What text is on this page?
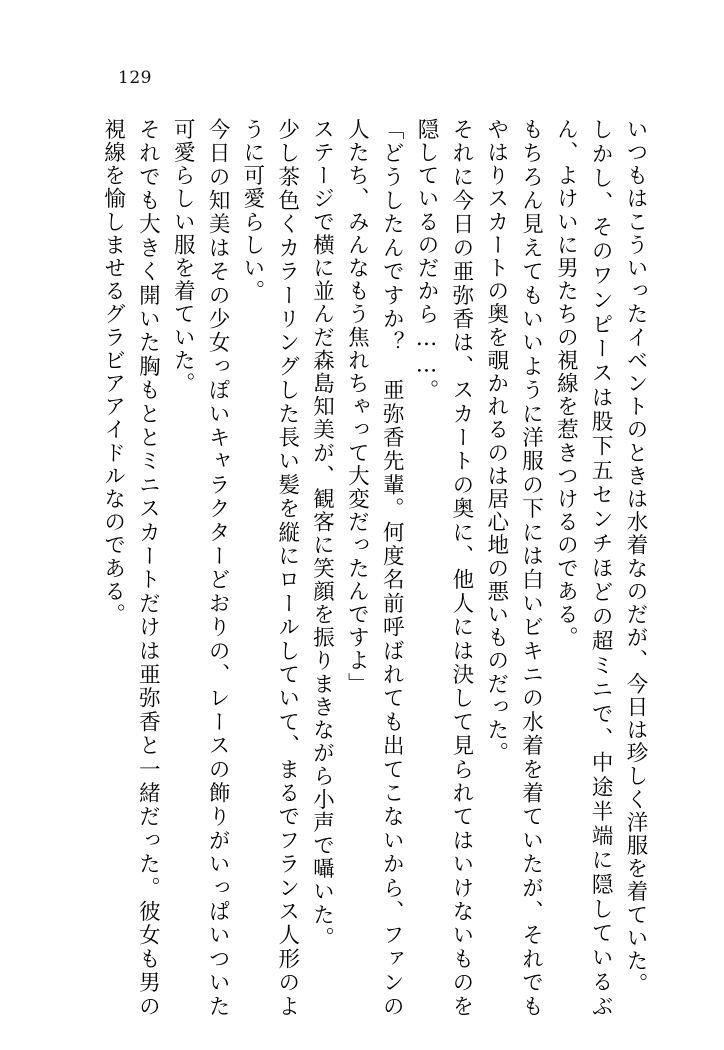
129

いつもはこういったイベントのときは水着なのだが、今日は珍しく洋服を着ていた。

しかし、そのワンピースは股下五センチほどの超ミニで、中途半端に隠しているぶん、よけいに男たちの視線を惹きつけるのである。

もちろん見えてもいいように洋服の下には白いビキニの水着を着ていたが、それでもやはりスカートの奥を覗かれるのは居心地の悪いものだった。

それに今日の亜弥香は、スカートの奥に、他人には決して見られてはいけないものを隠しているのだから……。

「どうしたんですか？　亜弥香先輩。何度名前呼ばれても出てこないから、ファンの人たち、みんなもう焦れちゃって大変だったんですよ」

ステージで横に並んだ森島知美が、観客に笑顔を振りまきながら小声で囁いた。

少し茶色くカラーリングした長い髪を縦にロールしていて、まるでフランス人形のように可愛らしい。

今日の知美はその少女っぽいキャラクターどおりの、レースの飾りがいっぱいついた可愛らしい服を着ていた。

それでも大きく開いた胸もととミニスカートだけは亜弥香と一緒だった。彼女も男の視線を愉しませるグラビアアイドルなのである。
